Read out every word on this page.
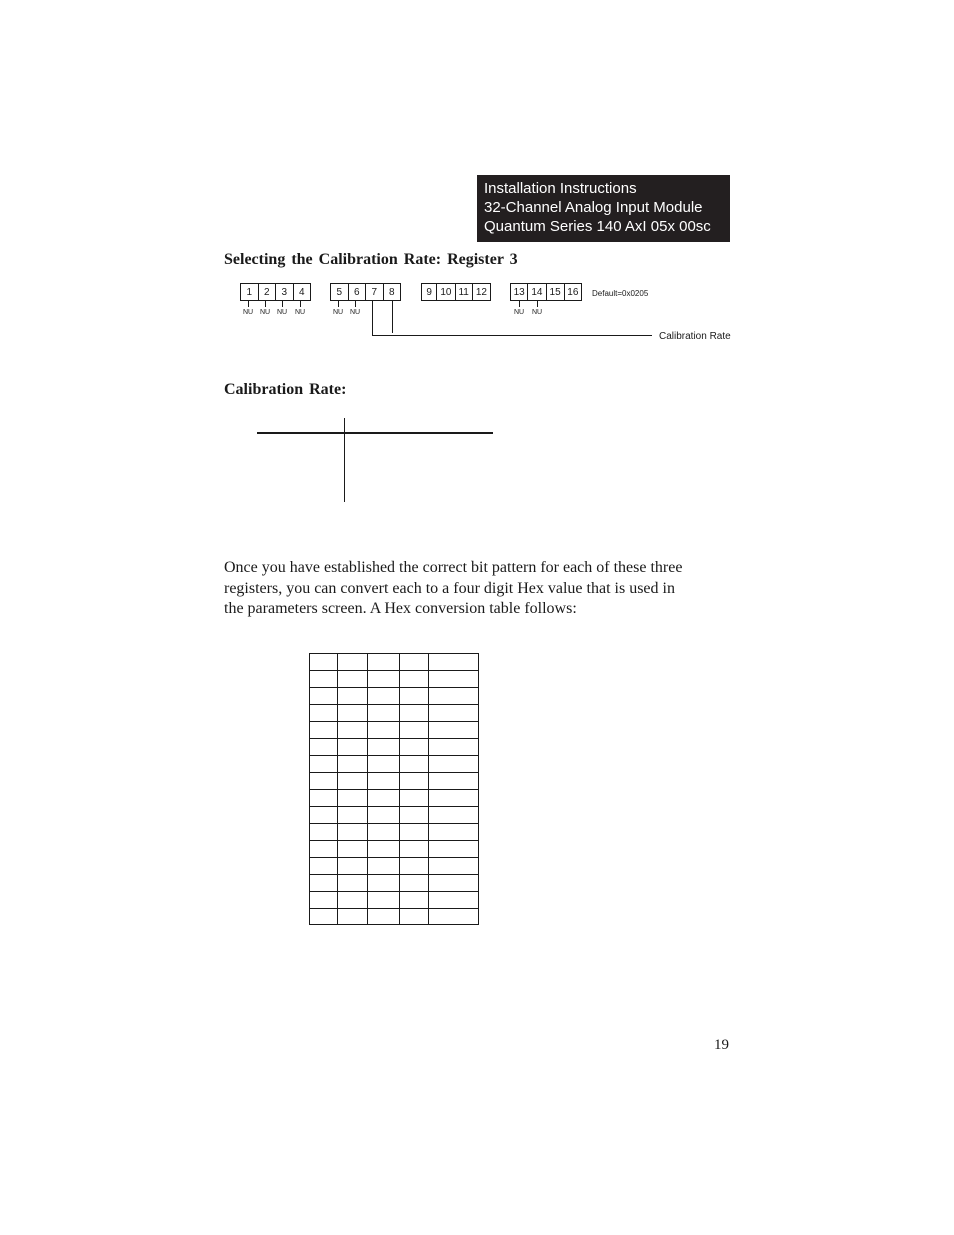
Installation Instructions
32-Channel Analog Input Module
Quantum Series 140 AxI 05x 00sc
Selecting the Calibration Rate: Register 3
1	2	3	4	5	6	7	8	9 10 11 12	13 14 15 16	Default=0x0205
NU NU NU	NU	NU NU	NU	NU
Calibration Rate
Calibration Rate:
Once you have established the correct bit pattern for each of these three
registers, you can convert each to a four digit Hex value that is used in
the parameters screen. A Hex conversion table follows:

19
